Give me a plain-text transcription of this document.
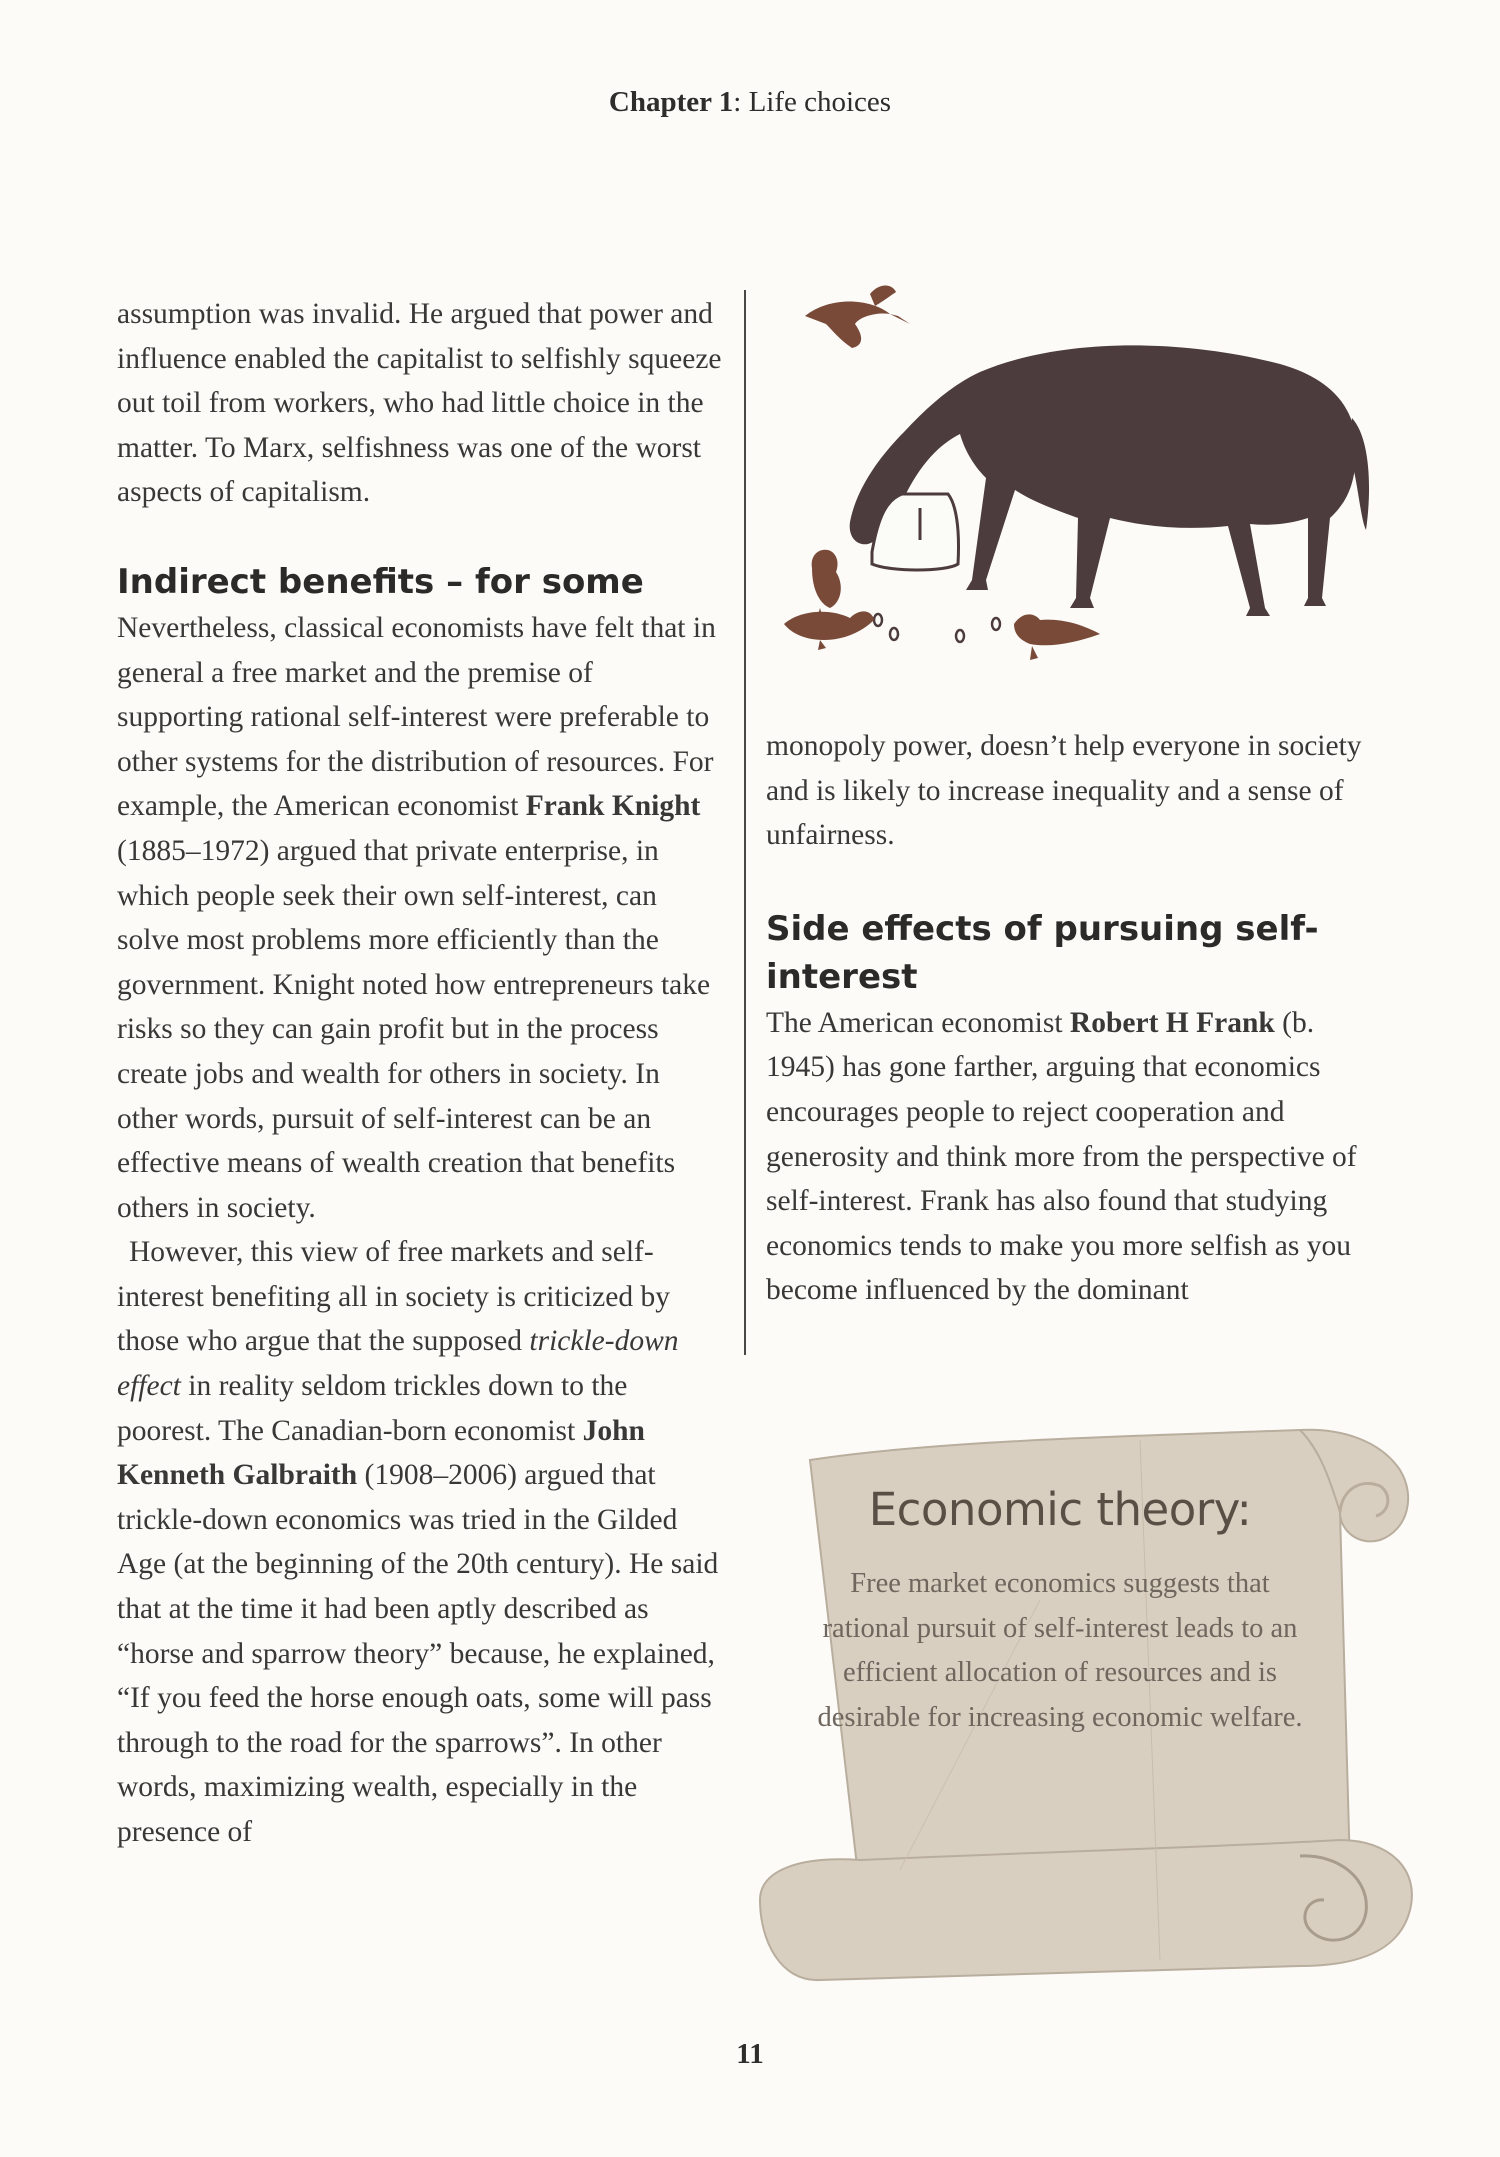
Chapter 1: Life choices

assumption was invalid. He argued that power and influence enabled the capitalist to selfishly squeeze out toil from workers, who had little choice in the matter. To Marx, selfishness was one of the worst aspects of capitalism.

Indirect benefits – for some

Nevertheless, classical economists have felt that in general a free market and the premise of supporting rational self-interest were preferable to other systems for the distribution of resources. For example, the American economist Frank Knight (1885–1972) argued that private enterprise, in which people seek their own self-interest, can solve most problems more efficiently than the government. Knight noted how entrepreneurs take risks so they can gain profit but in the process create jobs and wealth for others in society. In other words, pursuit of self-interest can be an effective means of wealth creation that benefits others in society.

However, this view of free markets and self-interest benefiting all in society is criticized by those who argue that the supposed trickle-down effect in reality seldom trickles down to the poorest. The Canadian-born economist John Kenneth Galbraith (1908–2006) argued that trickle-down economics was tried in the Gilded Age (at the beginning of the 20th century). He said that at the time it had been aptly described as “horse and sparrow theory” because, he explained, “If you feed the horse enough oats, some will pass through to the road for the sparrows”. In other words, maximizing wealth, especially in the presence of

monopoly power, doesn’t help everyone in society and is likely to increase inequality and a sense of unfairness.

Side effects of pursuing self-interest

The American economist Robert H Frank (b. 1945) has gone farther, arguing that economics encourages people to reject cooperation and generosity and think more from the perspective of self-interest. Frank has also found that studying economics tends to make you more selfish as you become influenced by the dominant

Economic theory:
Free market economics suggests that rational pursuit of self-interest leads to an efficient allocation of resources and is desirable for increasing economic welfare.
11
